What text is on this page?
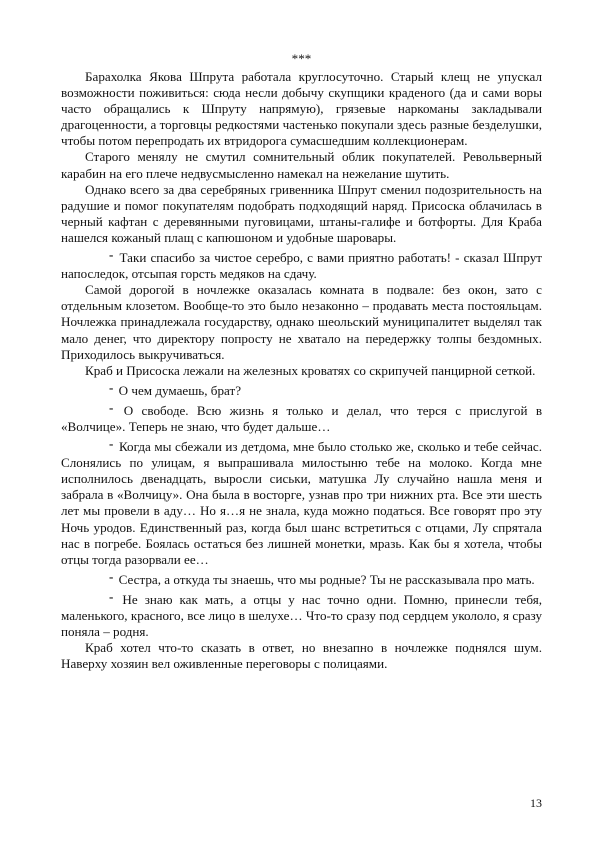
***

Барахолка Якова Шпрута работала круглосуточно. Старый клещ не упускал возможности поживиться: сюда несли добычу скупщики краденого (да и сами воры часто обращались к Шпруту напрямую), грязевые наркоманы закладывали драгоценности, а торговцы редкостями частенько покупали здесь разные безделушки, чтобы потом перепродать их втридорога сумасшедшим коллекционерам.

Старого менялу не смутил сомнительный облик покупателей. Револьверный карабин на его плече недвусмысленно намекал на нежелание шутить.

Однако всего за два серебряных гривенника Шпрут сменил подозрительность на радушие и помог покупателям подобрать подходящий наряд. Присоска облачилась в черный кафтан с деревянными пуговицами, штаны-галифе и ботфорты. Для Краба нашелся кожаный плащ с капюшоном и удобные шаровары.

- Таки спасибо за чистое серебро, с вами приятно работать! - сказал Шпрут напоследок, отсыпая горсть медяков на сдачу.

Самой дорогой в ночлежке оказалась комната в подвале: без окон, зато с отдельным клозетом. Вообще-то это было незаконно – продавать места постояльцам. Ночлежка принадлежала государству, однако шеольский муниципалитет выделял так мало денег, что директору попросту не хватало на передержку толпы бездомных. Приходилось выкручиваться.

Краб и Присоска лежали на железных кроватях со скрипучей панцирной сеткой.

- О чем думаешь, брат?

- О свободе. Всю жизнь я только и делал, что терся с прислугой в «Волчице». Теперь не знаю, что будет дальше…

- Когда мы сбежали из детдома, мне было столько же, сколько и тебе сейчас. Слонялись по улицам, я выпрашивала милостыню тебе на молоко. Когда мне исполнилось двенадцать, выросли сиськи, матушка Лу случайно нашла меня и забрала в «Волчицу». Она была в восторге, узнав про три нижних рта. Все эти шесть лет мы провели в аду… Но я…я не знала, куда можно податься. Все говорят про эту Ночь уродов. Единственный раз, когда был шанс встретиться с отцами, Лу спрятала нас в погребе. Боялась остаться без лишней монетки, мразь. Как бы я хотела, чтобы отцы тогда разорвали ее…

- Сестра, а откуда ты знаешь, что мы родные? Ты не рассказывала про мать.

- Не знаю как мать, а отцы у нас точно одни. Помню, принесли тебя, маленького, красного, все лицо в шелухе… Что-то сразу под сердцем укололо, я сразу поняла – родня.

Краб хотел что-то сказать в ответ, но внезапно в ночлежке поднялся шум. Наверху хозяин вел оживленные переговоры с полицаями.

13
